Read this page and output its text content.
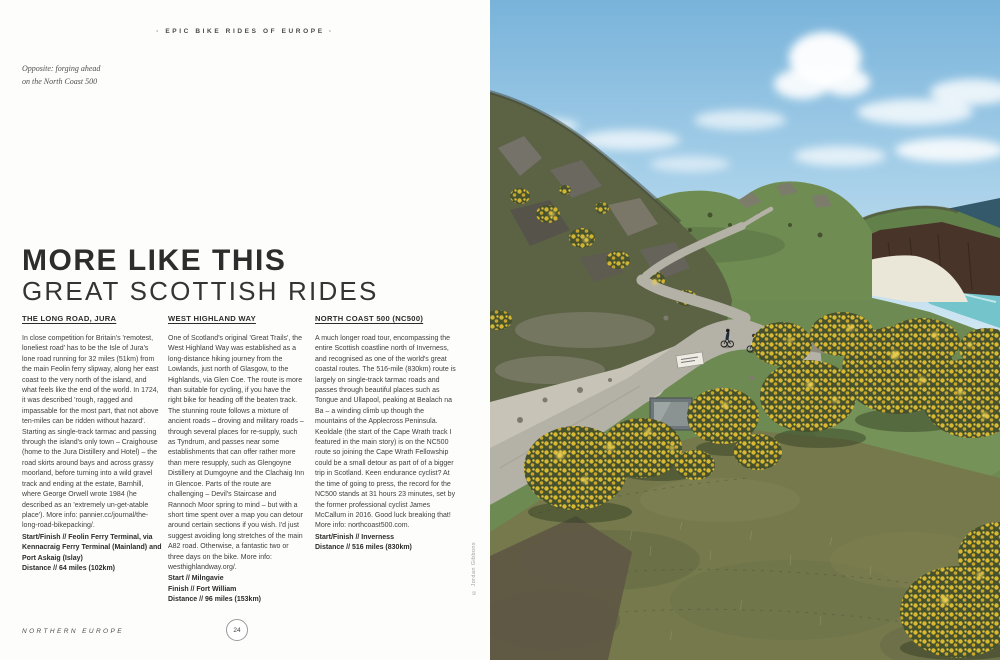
· EPIC BIKE RIDES OF EUROPE ·
Opposite: forging ahead
on the North Coast 500
MORE LIKE THIS
GREAT SCOTTISH RIDES
THE LONG ROAD, JURA

In close competition for Britain's 'remotest, loneliest road' has to be the Isle of Jura's lone road running for 32 miles (51km) from the main Feolin ferry slipway, along her east coast to the very north of the island, and what feels like the end of the world. In 1724, it was described 'rough, ragged and impassable for the most part, that not above ten-miles can be ridden without hazard'. Starting as single-track tarmac and passing through the island's only town – Craighouse (home to the Jura Distillery and Hotel) – the road skirts around bays and across grassy moorland, before turning into a wild gravel track and ending at the estate, Barnhill, where George Orwell wrote 1984 (he described as an 'extremely un-get-atable place'). More info: pannier.cc/journal/the-long-road-bikepacking/.

Start/Finish // Feolin Ferry Terminal, via Kennacraig Ferry Terminal (Mainland) and Port Askaig (Islay)
Distance // 64 miles (102km)
WEST HIGHLAND WAY

One of Scotland's original 'Great Trails', the West Highland Way was established as a long-distance hiking journey from the Lowlands, just north of Glasgow, to the Highlands, via Glen Coe. The route is more than suitable for cycling, if you have the right bike for heading off the beaten track. The stunning route follows a mixture of ancient roads – droving and military roads – through several places for re-supply, such as Tyndrum, and passes near some establishments that can offer rather more than mere resupply, such as Glengoyne Distillery at Dumgoyne and the Clachaig Inn in Glencoe. Parts of the route are challenging – Devil's Staircase and Rannoch Moor spring to mind – but with a short time spent over a map you can detour around certain sections if you wish. I'd just suggest avoiding long stretches of the main A82 road. Otherwise, a fantastic two or three days on the bike. More info: westhighlandway.org/.

Start // Milngavie
Finish // Fort William
Distance // 96 miles (153km)
NORTH COAST 500 (NC500)

A much longer road tour, encompassing the entire Scottish coastline north of Inverness, and recognised as one of the world's great coastal routes. The 516-mile (830km) route is largely on single-track tarmac roads and passes through beautiful places such as Tongue and Ullapool, peaking at Bealach na Ba – a winding climb up though the mountains of the Applecross Peninsula. Keoldale (the start of the Cape Wrath track I featured in the main story) is on the NC500 route so joining the Cape Wrath Fellowship could be a small detour as part of of a bigger trip in Scotland. Keen endurance cyclist? At the time of going to press, the record for the NC500 stands at 31 hours 23 minutes, set by the former professional cyclist James McCallum in 2016. Good luck breaking that! More info: northcoast500.com.

Start/Finish // Inverness
Distance // 516 miles (830km)
NORTHERN EUROPE	24
© Jordan Gibbons
